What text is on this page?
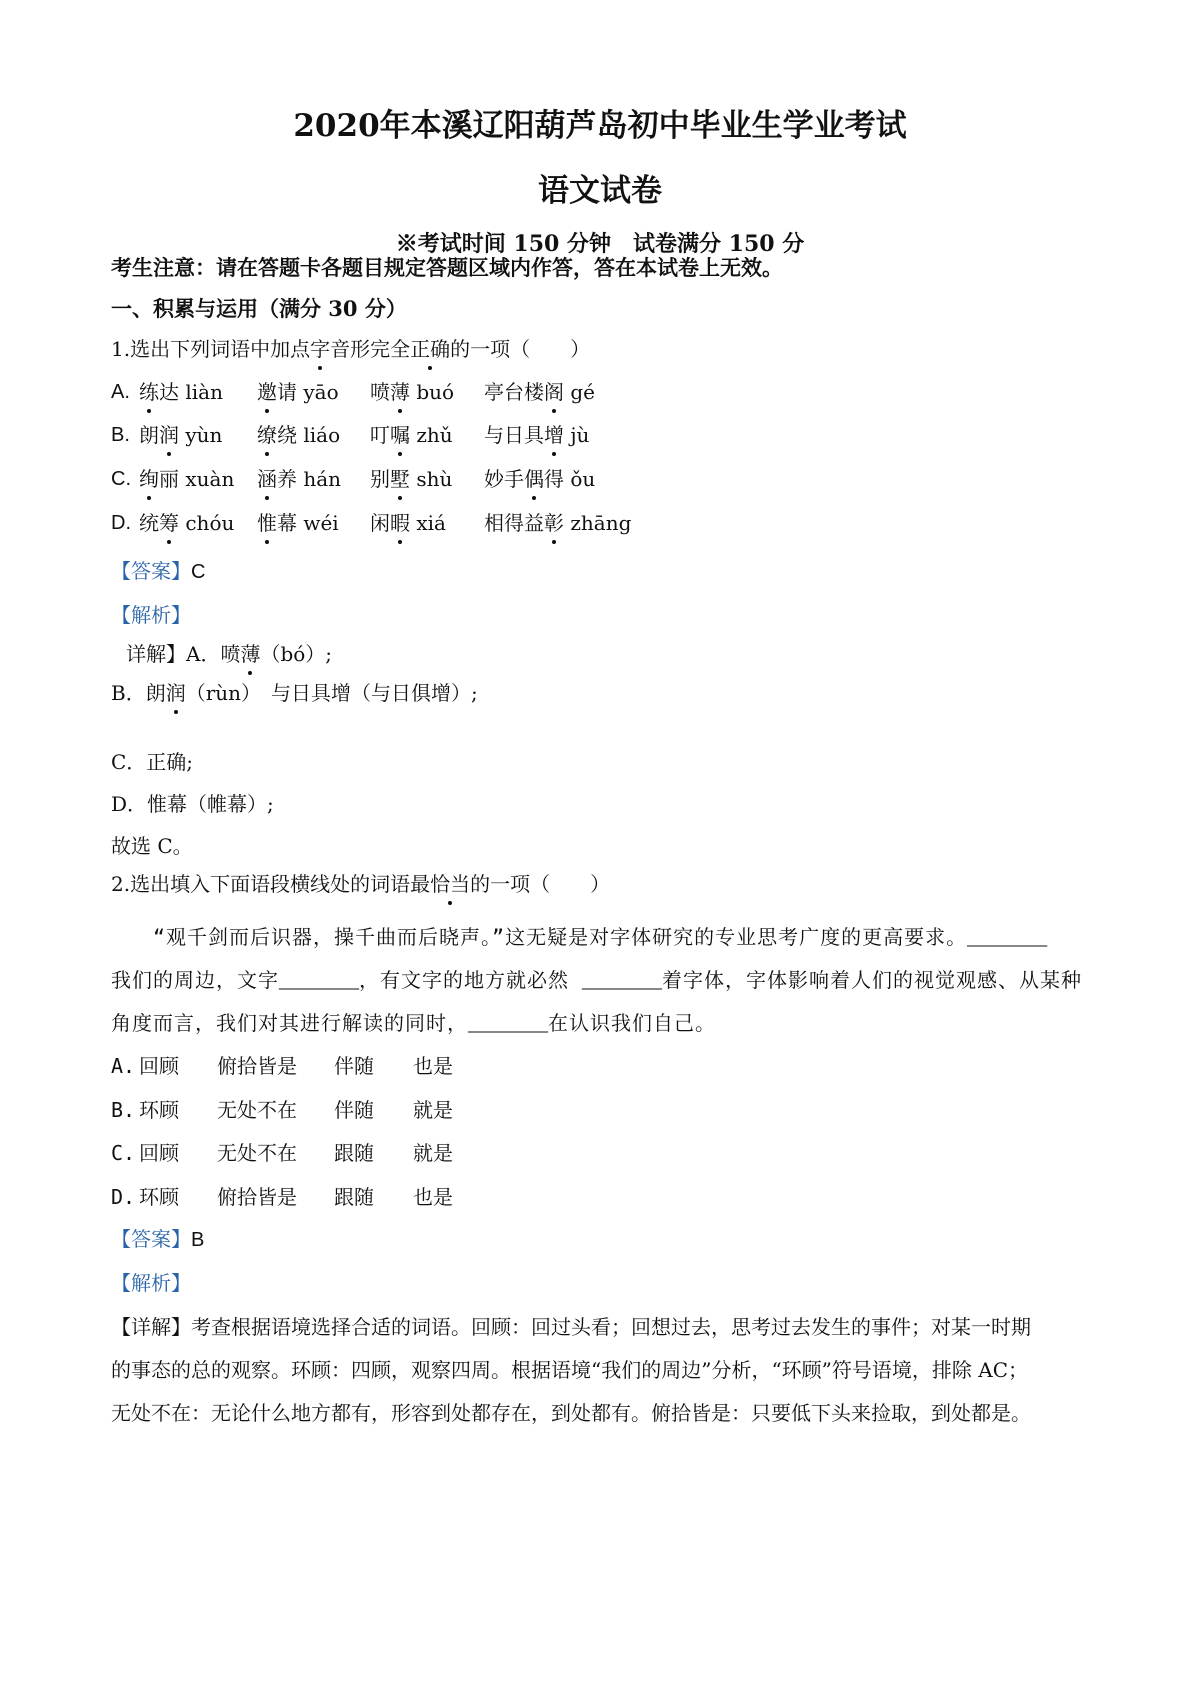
2020年本溪辽阳葫芦岛初中毕业生学业考试
语文试卷
※考试时间 150 分钟　试卷满分 150 分
考生注意：请在答题卡各题目规定答题区域内作答，答在本试卷上无效。
一、积累与运用（满分 30 分）
1.选出下列词语中加点字音形完全正确的一项（　　）
A. 练达 liàn 邀请 yāo 喷薄 buó 亭台楼阁 gé
B. 朗润 yùn 缭绕 liáo 叮嘱 zhǔ 与日具增 jù
C. 绚丽 xuàn 涵养 hán 别墅 shù 妙手偶得 ǒu
D. 统筹 chóu 惟幕 wéi 闲暇 xiá 相得益彰 zhāng
【答案】C
【解析】
详解】A．喷薄（bó）;
B．朗润（rùn）　与日具增（与日俱增）;
C．正确;
D．惟幕（帷幕）;
故选 C。
2.选出填入下面语段横线处的词语最恰当的一项（　　）
　　“观千剑而后识器，操千曲而后晓声。”这无疑是对字体研究的专业思考广度的更高要求。________
我们的周边，文字________，有文字的地方就必然 ________着字体，字体影响着人们的视觉观感、从某种
角度而言，我们对其进行解读的同时，________在认识我们自己。
A. 回顾 俯拾皆是 伴随 也是
B. 环顾 无处不在 伴随 就是
C. 回顾 无处不在 跟随 就是
D. 环顾 俯拾皆是 跟随 也是
【答案】B
【解析】
【详解】考查根据语境选择合适的词语。回顾：回过头看；回想过去，思考过去发生的事件；对某一时期
的事态的总的观察。环顾：四顾，观察四周。根据语境“我们的周边”分析，“环顾”符号语境，排除 AC；
无处不在：无论什么地方都有，形容到处都存在，到处都有。俯拾皆是：只要低下头来捡取，到处都是。
